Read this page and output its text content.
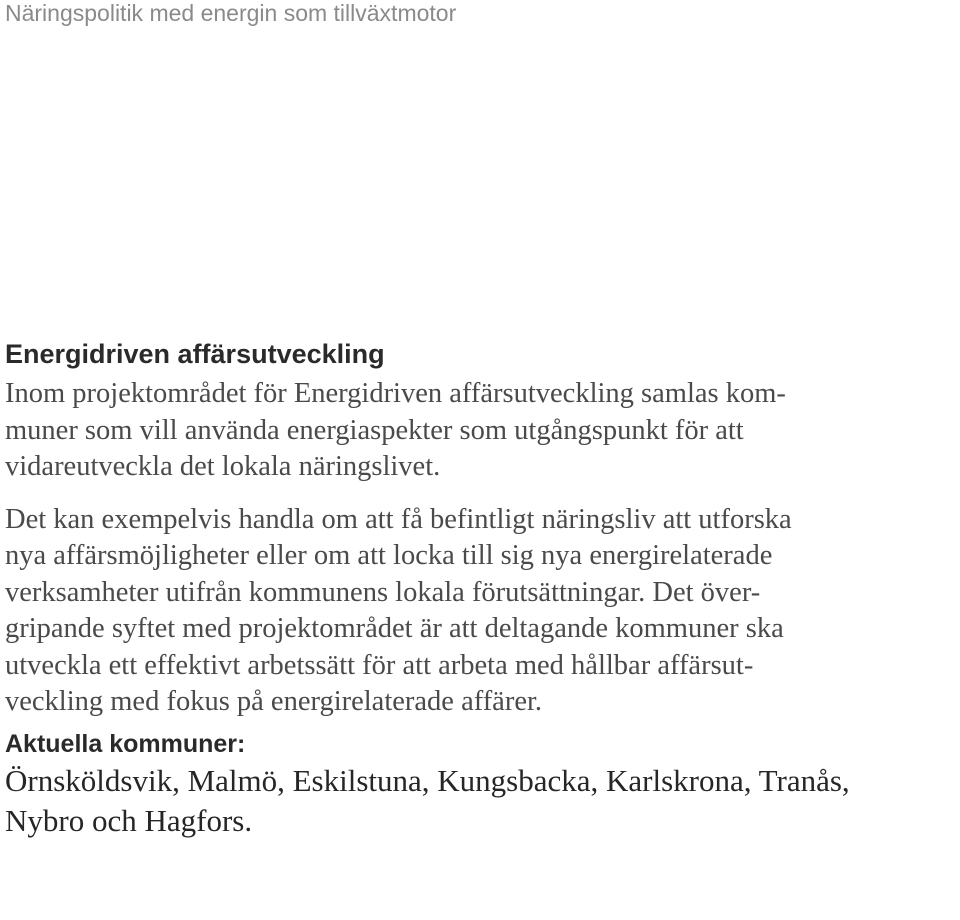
Näringspolitik med energin som tillväxtmotor
Energidriven affärsutveckling

Inom projektområdet för Energidriven affärsutveckling samlas kom-
muner som vill använda energiaspekter som utgångspunkt för att
vidareutveckla det lokala näringslivet.

Det kan exempelvis handla om att få befintligt näringsliv att utforska
nya affärsmöjligheter eller om att locka till sig nya energirelaterade
verksamheter utifrån kommunens lokala förutsättningar. Det över-
gripande syftet med projektområdet är att deltagande kommuner ska
utveckla ett effektivt arbetssätt för att arbeta med hållbar affärsut-
veckling med fokus på energirelaterade affärer.

Aktuella kommuner:

Örnsköldsvik, Malmö, Eskilstuna, Kungsbacka, Karlskrona, Tranås,
Nybro och Hagfors.
